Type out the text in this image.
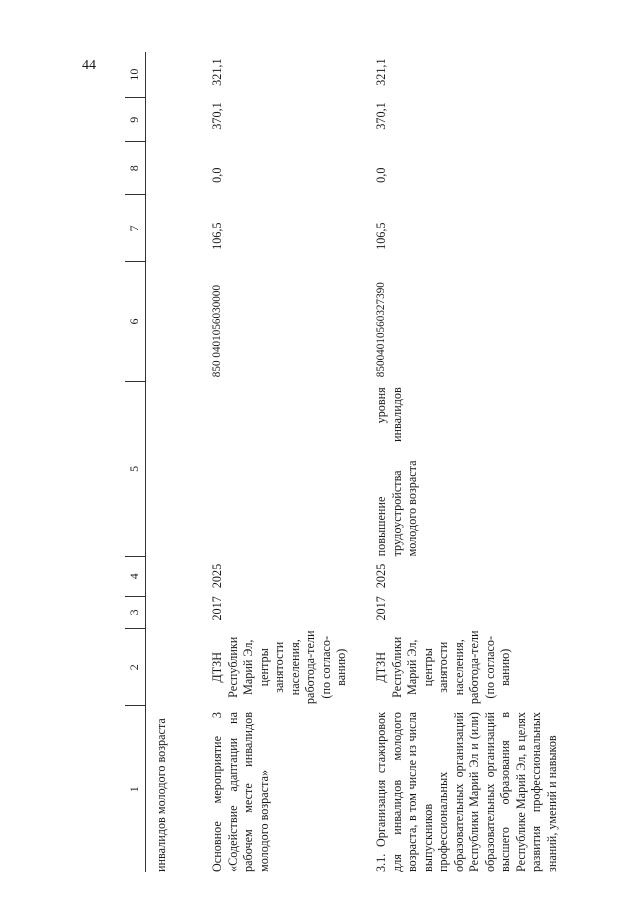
44
1	2	3	4	5	6	7	8	9	10
инвалидов молодого возраста									
Основное мероприятие 3 «Содействие адаптации на рабочем месте инвалидов молодого возраста»	ДТЗН Республики Марий Эл, центры занятости населения, работода-тели (по согласо-ванию)	2017	2025		850 0401056030000	106,5	0,0	370,1	321,1
3.1. Организация стажировок для инвалидов молодого возраста, в том числе из числа выпускников профессиональных образовательных организаций Республики Марий Эл и (или) образовательных организаций высшего образования в Республике Марий Эл, в целях развития профессиональных знаний, умений и навыков	ДТЗН Республики Марий Эл, центры занятости населения, работода-тели (по согласо-ванию)	2017	2025	повышение уровня трудоустройства инвалидов молодого возраста	85004010560327390	106,5	0,0	370,1	321,1
